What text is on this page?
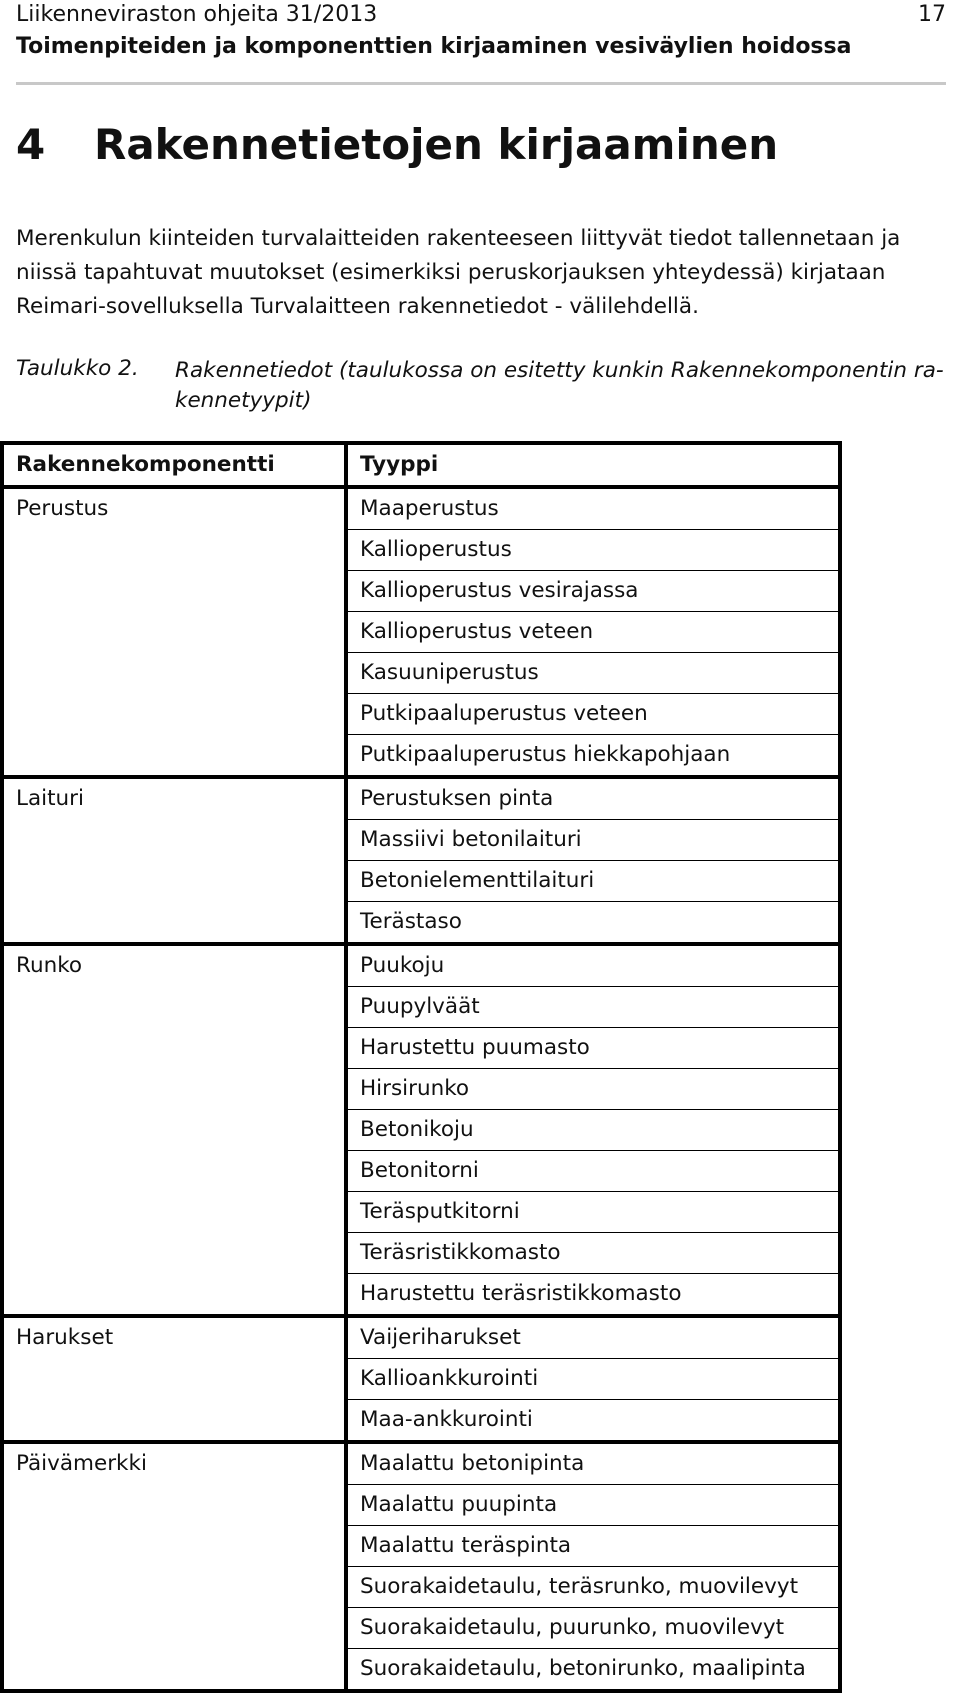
Liikenneviraston ohjeita 31/2013	17
Toimenpiteiden ja komponenttien kirjaaminen vesiväylien hoidossa
4 Rakennetietojen kirjaaminen
Merenkulun kiinteiden turvalaitteiden rakenteeseen liittyvät tiedot tallennetaan ja
niissä tapahtuvat muutokset (esimerkiksi peruskorjauksen yhteydessä) kirjataan
Reimari-sovelluksella Turvalaitteen rakennetiedot - välilehdellä.
Taulukko 2. Rakennetiedot (taulukossa on esitetty kunkin Rakennekomponentin ra-
kennetyypit)
Rakennekomponentti	Tyyppi
Perustus	Maaperustus
	Kallioperustus
	Kallioperustus vesirajassa
	Kallioperustus veteen
	Kasuuniperustus
	Putkipaaluperustus veteen
	Putkipaaluperustus hiekkapohjaan
Laituri	Perustuksen pinta
	Massiivi betonilaituri
	Betonielementtilaituri
	Terästaso
Runko	Puukoju
	Puupylväät
	Harustettu puumasto
	Hirsirunko
	Betonikoju
	Betonitorni
	Teräsputkitorni
	Teräsristikkomasto
	Harustettu teräsristikkomasto
Harukset	Vaijeriharukset
	Kallioankkurointi
	Maa-ankkurointi
Päivämerkki	Maalattu betonipinta
	Maalattu puupinta
	Maalattu teräspinta
	Suorakaidetaulu, teräsrunko, muovilevyt
	Suorakaidetaulu, puurunko, muovilevyt
	Suorakaidetaulu, betonirunko, maalipinta
